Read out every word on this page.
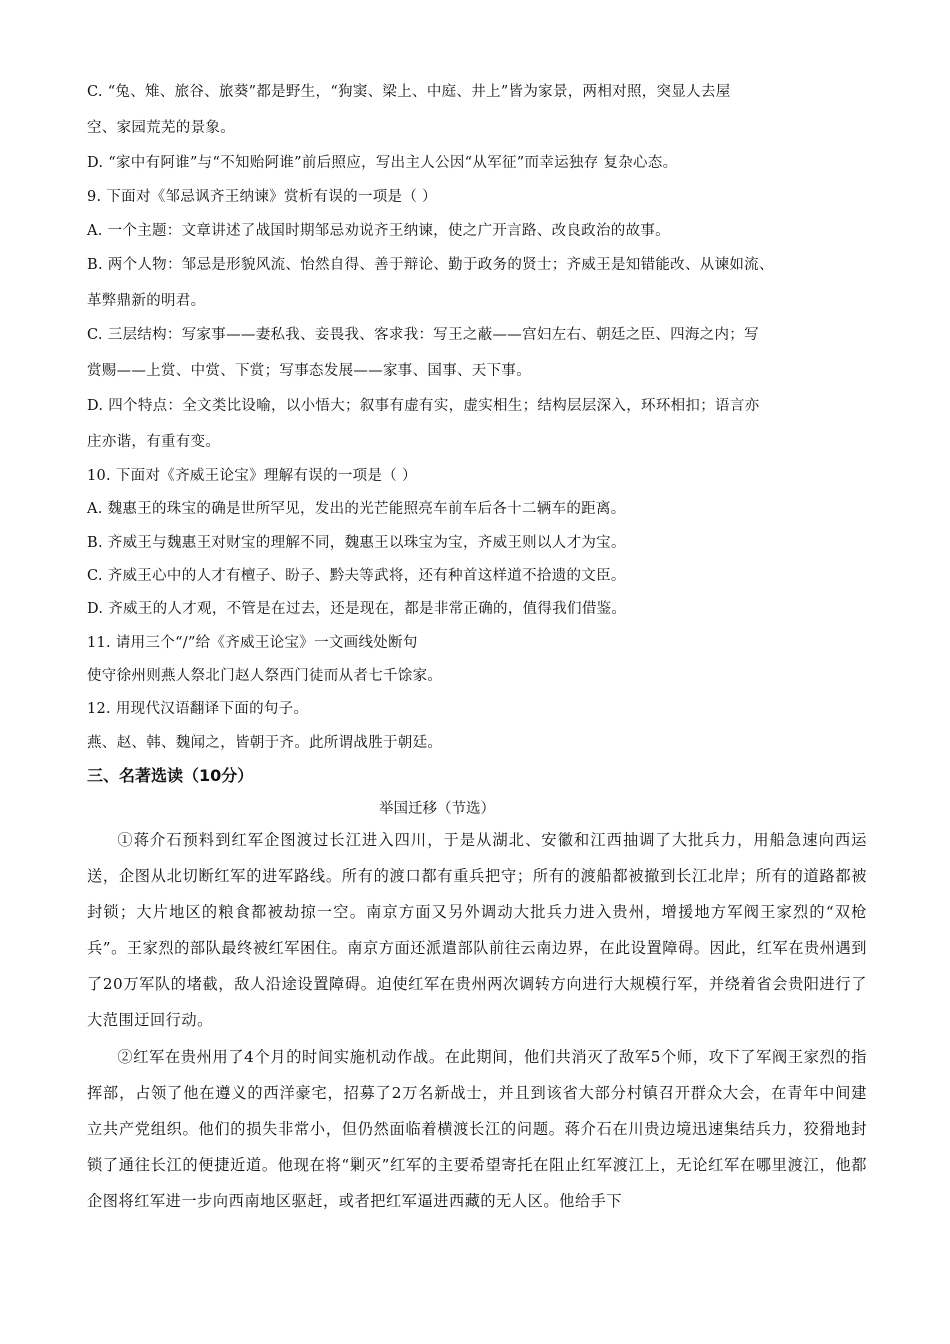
C. “兔、雉、旅谷、旅葵”都是野生，“狗窦、梁上、中庭、井上”皆为家景，两相对照，突显人去屋
空、家园荒芜的景象。
D. “家中有阿谁”与“不知贻阿谁”前后照应，写出主人公因“从军征”而幸运独存 复杂心态。
9. 下面对《邹忌讽齐王纳谏》赏析有误的一项是（ ）
A. 一个主题：文章讲述了战国时期邹忌劝说齐王纳谏，使之广开言路、改良政治的故事。
B. 两个人物：邹忌是形貌风流、怡然自得、善于辩论、勤于政务的贤士；齐威王是知错能改、从谏如流、
革弊鼎新的明君。
C. 三层结构：写家事——妻私我、妾畏我、客求我：写王之蔽——宫妇左右、朝廷之臣、四海之内；写
赏赐——上赏、中赏、下赏；写事态发展——家事、国事、天下事。
D. 四个特点：全文类比设喻，以小悟大；叙事有虚有实，虚实相生；结构层层深入，环环相扣；语言亦
庄亦谐，有重有变。
10. 下面对《齐威王论宝》理解有误的一项是（ ）
A. 魏惠王的珠宝的确是世所罕见，发出的光芒能照亮车前车后各十二辆车的距离。
B. 齐威王与魏惠王对财宝的理解不同，魏惠王以珠宝为宝，齐威王则以人才为宝。
C. 齐威王心中的人才有檀子、盼子、黔夫等武将，还有种首这样道不拾遗的文臣。
D. 齐威王的人才观，不管是在过去，还是现在，都是非常正确的，值得我们借鉴。
11. 请用三个“/”给《齐威王论宝》一文画线处断句
使守徐州则燕人祭北门赵人祭西门徒而从者七千馀家。
12. 用现代汉语翻译下面的句子。
燕、赵、韩、魏闻之，皆朝于齐。此所谓战胜于朝廷。
三、名著选读（10分）
举国迁移（节选）
①蒋介石预料到红军企图渡过长江进入四川，于是从湖北、安徽和江西抽调了大批兵力，用船急速向西运送，企图从北切断红军的进军路线。所有的渡口都有重兵把守；所有的渡船都被撤到长江北岸；所有的道路都被封锁；大片地区的粮食都被劫掠一空。南京方面又另外调动大批兵力进入贵州，增援地方军阀王家烈的“双枪兵”。王家烈的部队最终被红军困住。南京方面还派遣部队前往云南边界，在此设置障碍。因此，红军在贵州遇到了20万军队的堵截，敌人沿途设置障碍。迫使红军在贵州两次调转方向进行大规模行军，并绕着省会贵阳进行了大范围迂回行动。
②红军在贵州用了4个月的时间实施机动作战。在此期间，他们共消灭了敌军5个师，攻下了军阀王家烈的指挥部，占领了他在遵义的西洋豪宅，招募了2万名新战士，并且到该省大部分村镇召开群众大会，在青年中间建立共产党组织。他们的损失非常小，但仍然面临着横渡长江的问题。蒋介石在川贵边境迅速集结兵力，狡猾地封锁了通往长江的便捷近道。他现在将“剿灭”红军的主要希望寄托在阻止红军渡江上，无论红军在哪里渡江，他都企图将红军进一步向西南地区驱赶，或者把红军逼进西藏的无人区。他给手下
